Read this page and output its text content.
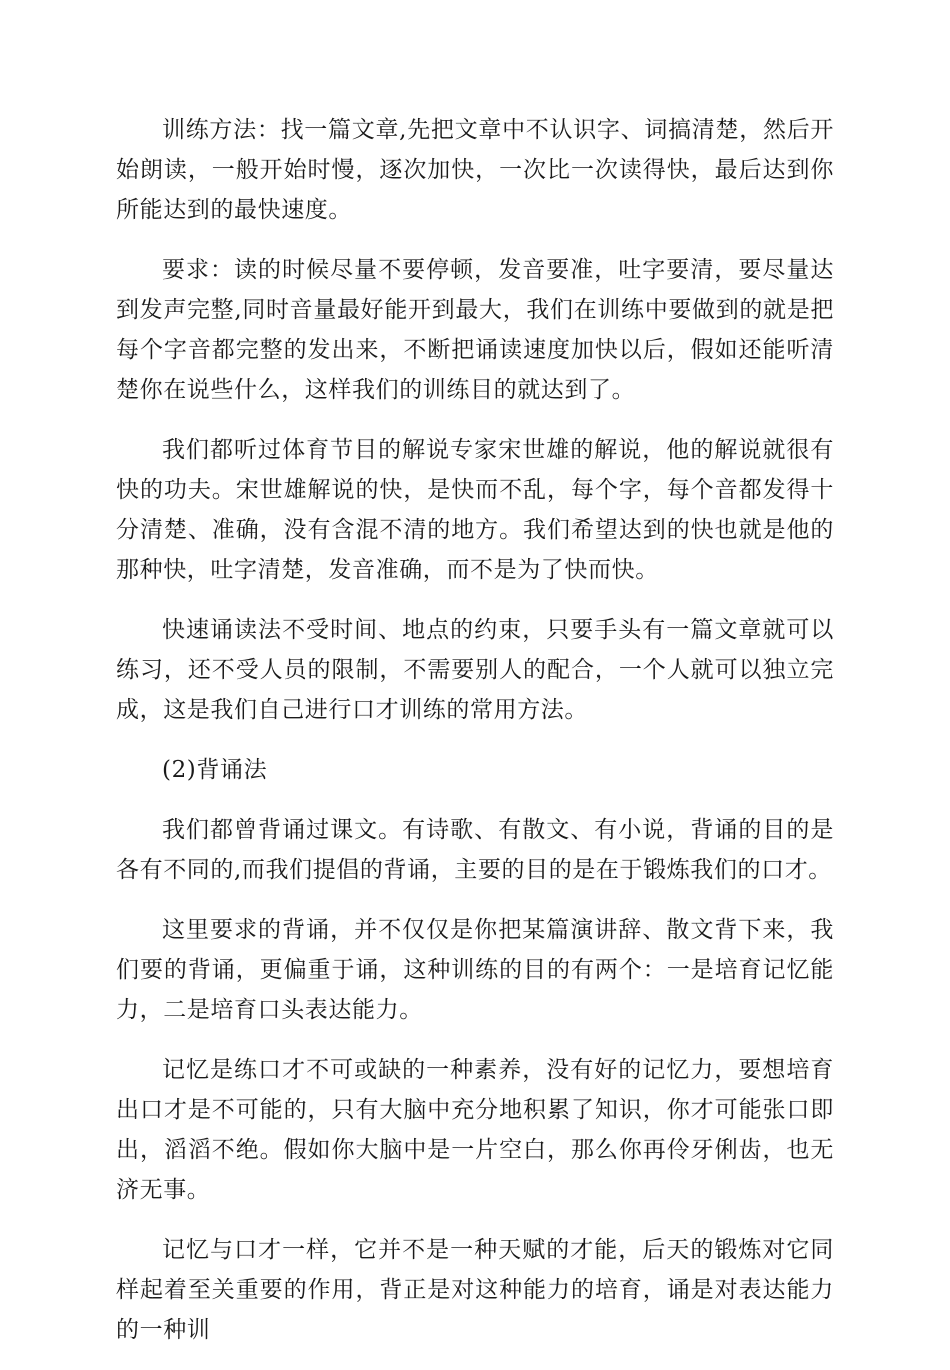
训练方法：找一篇文章,先把文章中不认识字、词搞清楚，然后开始朗读，一般开始时慢，逐次加快，一次比一次读得快，最后达到你所能达到的最快速度。

要求：读的时候尽量不要停顿，发音要准，吐字要清，要尽量达到发声完整,同时音量最好能开到最大，我们在训练中要做到的就是把每个字音都完整的发出来，不断把诵读速度加快以后，假如还能听清楚你在说些什么，这样我们的训练目的就达到了。

我们都听过体育节目的解说专家宋世雄的解说，他的解说就很有快的功夫。宋世雄解说的快，是快而不乱，每个字，每个音都发得十分清楚、准确，没有含混不清的地方。我们希望达到的快也就是他的那种快，吐字清楚，发音准确，而不是为了快而快。

快速诵读法不受时间、地点的约束，只要手头有一篇文章就可以练习，还不受人员的限制，不需要别人的配合，一个人就可以独立完成，这是我们自己进行口才训练的常用方法。

(2)背诵法

我们都曾背诵过课文。有诗歌、有散文、有小说，背诵的目的是各有不同的,而我们提倡的背诵，主要的目的是在于锻炼我们的口才。

这里要求的背诵，并不仅仅是你把某篇演讲辞、散文背下来，我们要的背诵，更偏重于诵，这种训练的目的有两个：一是培育记忆能力，二是培育口头表达能力。

记忆是练口才不可或缺的一种素养，没有好的记忆力，要想培育出口才是不可能的，只有大脑中充分地积累了知识，你才可能张口即出，滔滔不绝。假如你大脑中是一片空白，那么你再伶牙俐齿，也无济无事。

记忆与口才一样，它并不是一种天赋的才能，后天的锻炼对它同样起着至关重要的作用，背正是对这种能力的培育，诵是对表达能力的一种训
